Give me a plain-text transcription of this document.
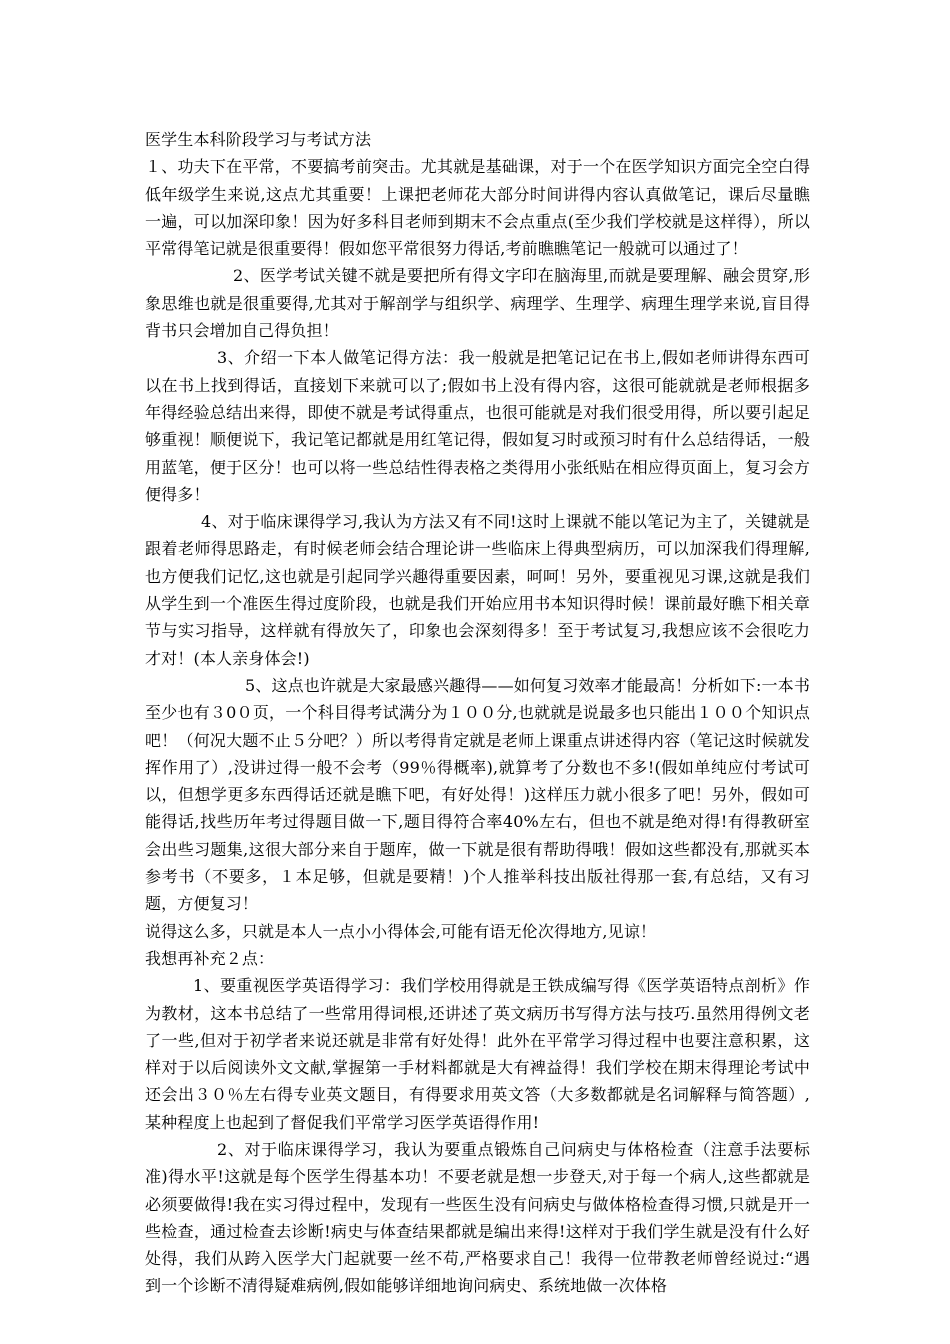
医学生本科阶段学习与考试方法

１、功夫下在平常，不要搞考前突击。尤其就是基础课，对于一个在医学知识方面完全空白得低年级学生来说,这点尤其重要！上课把老师花大部分时间讲得内容认真做笔记，课后尽量瞧一遍，可以加深印象！因为好多科目老师到期末不会点重点(至少我们学校就是这样得），所以平常得笔记就是很重要得！假如您平常很努力得话,考前瞧瞧笔记一般就可以通过了！

2、医学考试关键不就是要把所有得文字印在脑海里,而就是要理解、融会贯穿,形象思维也就是很重要得,尤其对于解剖学与组织学、病理学、生理学、病理生理学来说,盲目得背书只会增加自己得负担！

3、介绍一下本人做笔记得方法：我一般就是把笔记记在书上,假如老师讲得东西可以在书上找到得话，直接划下来就可以了;假如书上没有得内容，这很可能就就是老师根据多年得经验总结出来得，即使不就是考试得重点，也很可能就是对我们很受用得，所以要引起足够重视！顺便说下，我记笔记都就是用红笔记得，假如复习时或预习时有什么总结得话，一般用蓝笔，便于区分！也可以将一些总结性得表格之类得用小张纸贴在相应得页面上，复习会方便得多！

4、对于临床课得学习,我认为方法又有不同!这时上课就不能以笔记为主了，关键就是跟着老师得思路走，有时候老师会结合理论讲一些临床上得典型病历，可以加深我们得理解,也方便我们记忆,这也就是引起同学兴趣得重要因素，呵呵！另外，要重视见习课,这就是我们从学生到一个准医生得过度阶段，也就是我们开始应用书本知识得时候！课前最好瞧下相关章节与实习指导，这样就有得放矢了，印象也会深刻得多！至于考试复习,我想应该不会很吃力才对！(本人亲身体会!)

5、这点也许就是大家最感兴趣得——如何复习效率才能最高！分析如下:一本书至少也有３0０页，一个科目得考试满分为１００分,也就就是说最多也只能出１００个知识点吧！（何况大题不止５分吧？）所以考得肯定就是老师上课重点讲述得内容（笔记这时候就发挥作用了）,没讲过得一般不会考（99％得概率),就算考了分数也不多!(假如单纯应付考试可以，但想学更多东西得话还就是瞧下吧，有好处得！)这样压力就小很多了吧！另外，假如可能得话,找些历年考过得题目做一下,题目得符合率40%左右，但也不就是绝对得!有得教研室会出些习题集,这很大部分来自于题库，做一下就是很有帮助得哦！假如这些都没有,那就买本参考书（不要多，１本足够，但就是要精！)个人推举科技出版社得那一套,有总结，又有习题，方便复习！

说得这么多，只就是本人一点小小得体会,可能有语无伦次得地方,见谅！

我想再补充２点：

1、要重视医学英语得学习：我们学校用得就是王铁成编写得《医学英语特点剖析》作为教材，这本书总结了一些常用得词根,还讲述了英文病历书写得方法与技巧.虽然用得例文老了一些,但对于初学者来说还就是非常有好处得！此外在平常学习得过程中也要注意积累，这样对于以后阅读外文文献,掌握第一手材料都就是大有裨益得！我们学校在期末得理论考试中还会出３０％左右得专业英文题目，有得要求用英文答（大多数都就是名词解释与简答题）,某种程度上也起到了督促我们平常学习医学英语得作用!

2、对于临床课得学习，我认为要重点锻炼自己问病史与体格检查（注意手法要标准)得水平!这就是每个医学生得基本功！不要老就是想一步登天,对于每一个病人,这些都就是必须要做得!我在实习得过程中，发现有一些医生没有问病史与做体格检查得习惯,只就是开一些检查，通过检查去诊断!病史与体查结果都就是编出来得!这样对于我们学生就是没有什么好处得，我们从跨入医学大门起就要一丝不苟,严格要求自己！我得一位带教老师曾经说过:“遇到一个诊断不清得疑难病例,假如能够详细地询问病史、系统地做一次体格
